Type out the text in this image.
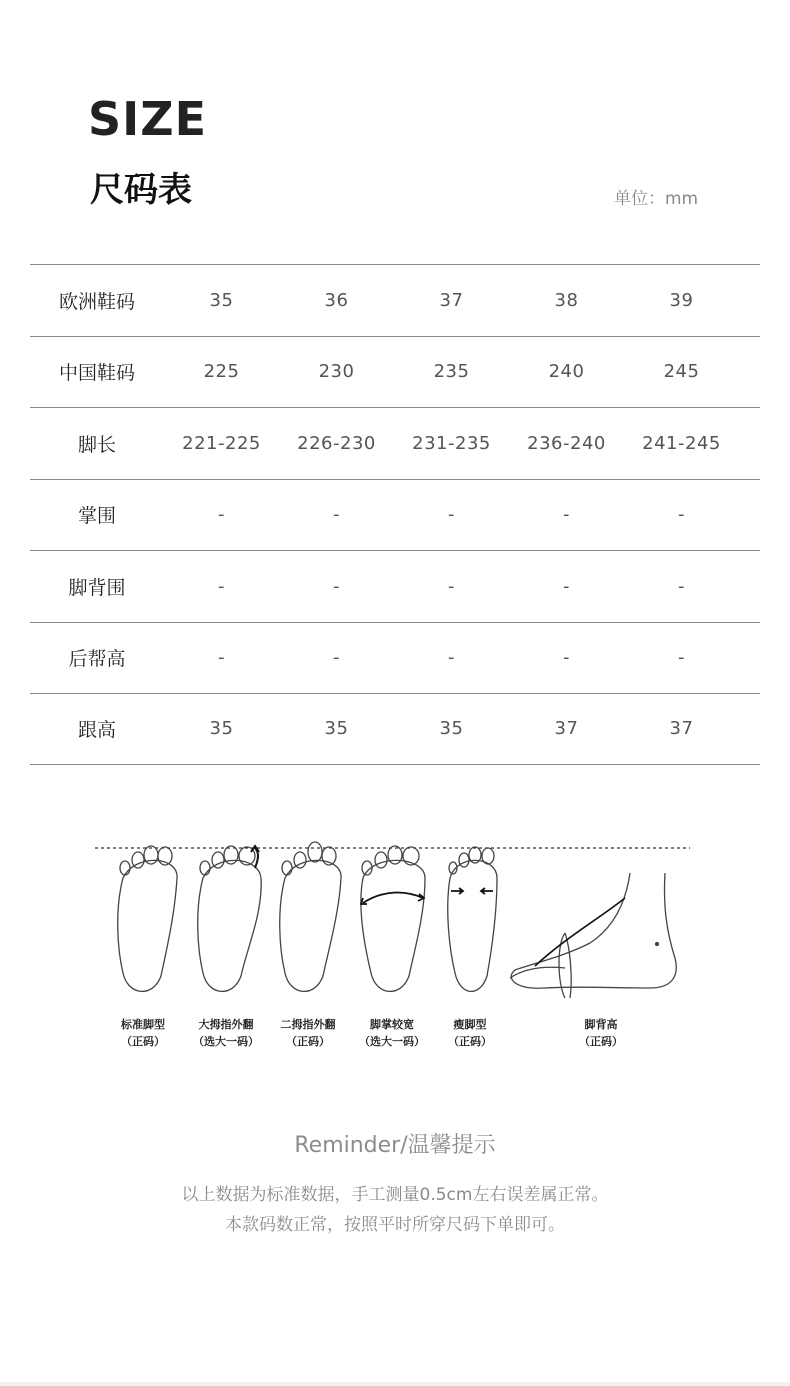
SIZE
尺码表	单位：mm
欧洲鞋码	35	36	37	38	39
中国鞋码	225	230	235	240	245
脚长	221-225	226-230	231-235	236-240	241-245
掌围	-	-	-	-	-
脚背围	-	-	-	-	-
后帮高	-	-	-	-	-
跟高	35	35	35	37	37
标准脚型
（正码）
大拇指外翻
（选大一码）
二拇指外翻
（正码）
脚掌较宽
（选大一码）
瘦脚型
（正码）
脚背高
（正码）
Reminder/温馨提示
以上数据为标准数据，手工测量0.5cm左右误差属正常。
本款码数正常，按照平时所穿尺码下单即可。
